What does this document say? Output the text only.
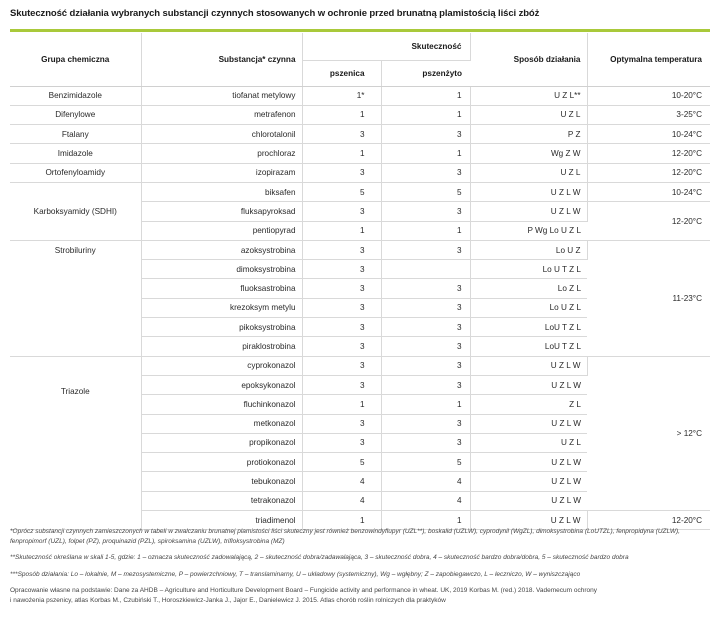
Skuteczność działania wybranych substancji czynnych stosowanych w ochronie przed brunatną plamistością liści zbóż
Grupa chemiczna	Substancja* czynna	Skuteczność		Sposób działania	Optymalna temperatura
		pszenica	pszenżyto		
Benzimidazole	tiofanat metylowy	1*	1	U Z L**	10-20°C
Difenylowe	metrafenon	1	1	U Z L	3-25°C
Ftalany	chlorotalonil	3	3	P Z	10-24°C
Imidazole	prochloraz	1	1	Wg Z W	12-20°C
Ortofenyloamidy	izopirazam	3	3	U Z L	12-20°C
Karboksyamidy (SDHI)	biksafen	5	5	U Z L W	10-24°C
	fluksapyroksad	3	3	U Z L W	12-20°C
	pentiopyrad	1	1	P Wg Lo U Z L	
Strobiluriny	azoksystrobina	3	3	Lo U Z	11-23°C
	dimoksystrobina	3		Lo U T Z L	
	fluoksastrobina	3	3	Lo Z L	
	krezoksym metylu	3	3	Lo U Z L	
	pikoksystrobina	3	3	LoU T Z L	
	piraklostrobina	3	3	LoU T Z L	
Triazole	cyprokonazol	3	3	U Z L W	> 12°C
	epoksykonazol	3	3	U Z L W	
	fluchinkonazol	1	1	Z L	
	metkonazol	3	3	U Z L W	
	propikonazol	3	3	U Z L	
	protiokonazol	5	5	U Z L W	
	tebukonazol	4	4	U Z L W	
	tetrakonazol	4	4	U Z L W	
	triadimenol	1	1	U Z L W	12-20°C

*Oprócz substancji czynnych zamieszczonych w tabeli w zwalczaniu brunatnej plamistości liści skuteczny jest również benzowindyflupyr (UZL**), boskalid (UZLW), cyprodynil (WgZL), dimoksystrobina (LoUTZL), fenpropidyna (UZLW), fenpropimorf (UZL), folpet (PZ), proquinazid (PZL), spiroksamina (UZLW), trifloksystrobina (MZ)

**Skuteczność określana w skali 1-5, gdzie: 1 – oznacza skuteczność zadowalającą, 2 – skuteczność dobra/zadawalająca, 3 – skuteczność dobra, 4 – skuteczność bardzo dobra/dobra, 5 – skuteczność bardzo dobra

***Sposób działania: Lo – lokalnie, M – mezosystemiczne, P – powierzchniowy, T – translaminarny, U – układowy (systemiczny), Wg – wgłębny; Z – zapobiegawczo, L – leczniczo, W – wyniszczająco

Opracowanie własne na podstawie: Dane za AHDB – Agriculture and Horticulture Development Board – Fungicide activity and performance in wheat. UK, 2019 Korbas M. (red.) 2018. Vademecum ochrony

i nawożenia pszenicy, atlas Korbas M., Czubiński T., Horoszkiewicz-Janka J., Jajor E., Danielewicz J. 2015. Atlas chorób roślin rolniczych dla praktyków
